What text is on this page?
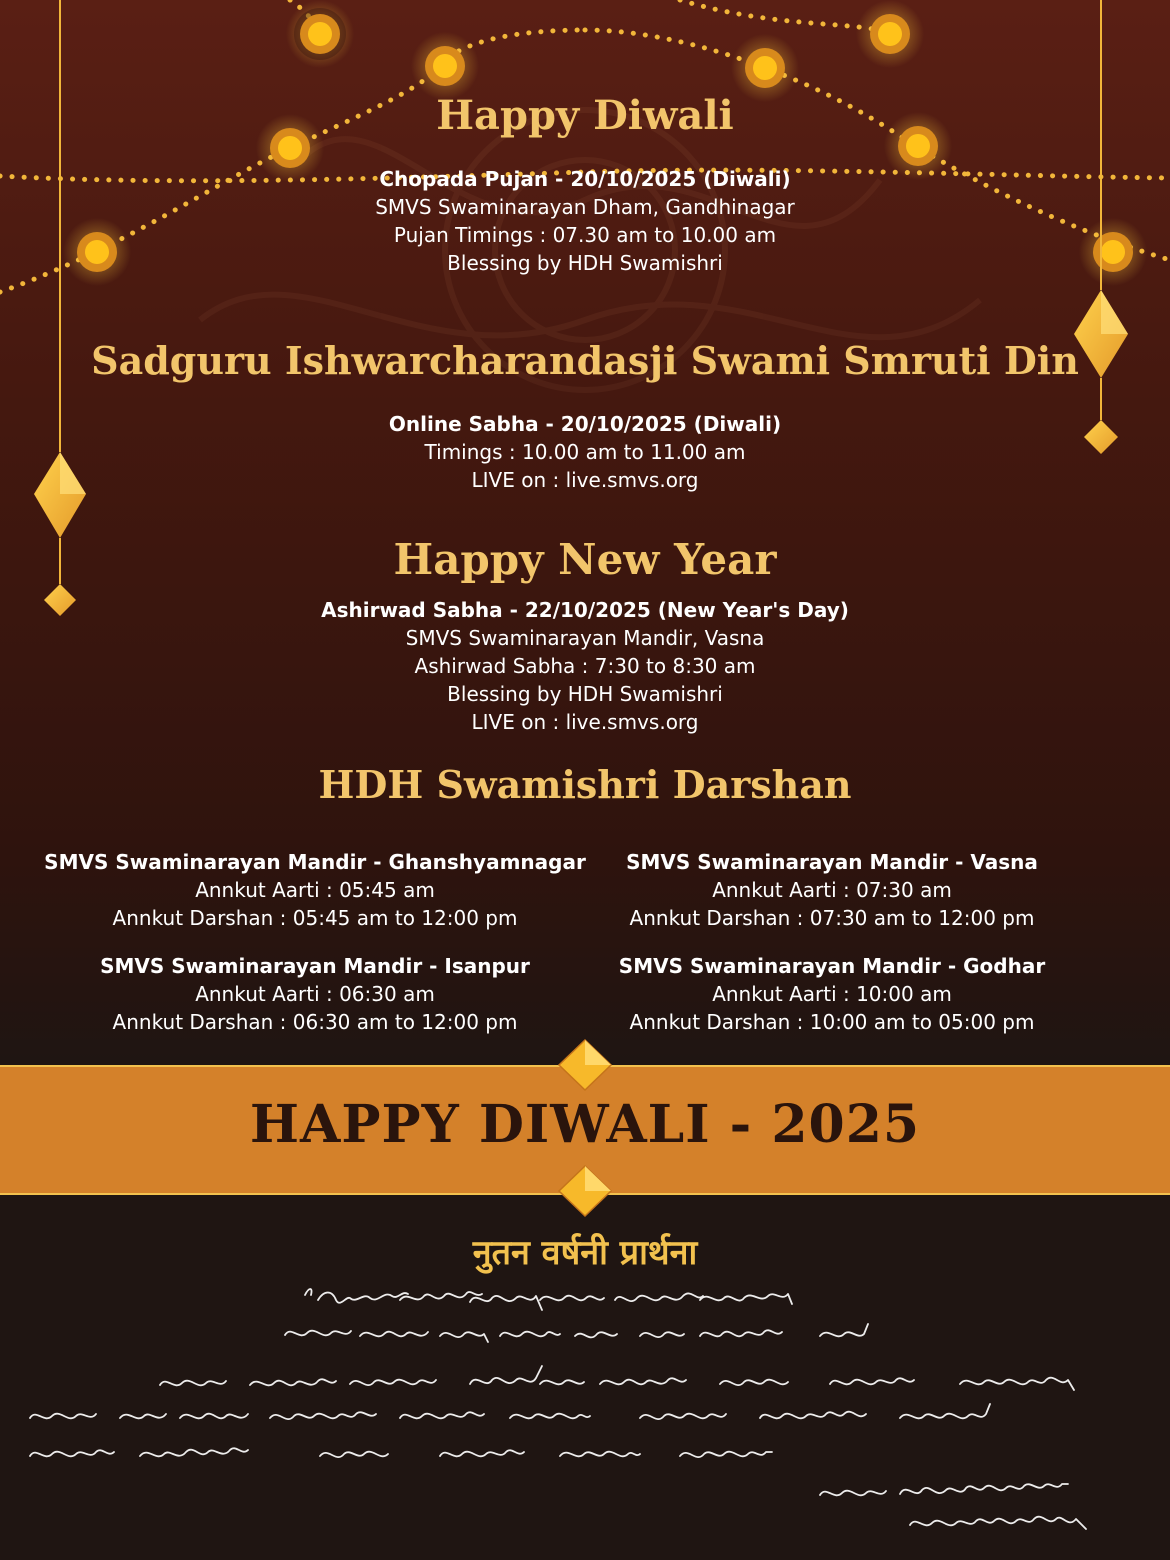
Happy Diwali
Chopada Pujan - 20/10/2025 (Diwali)
SMVS Swaminarayan Dham, Gandhinagar
Pujan Timings : 07.30 am to 10.00 am
Blessing by HDH Swamishri
Sadguru Ishwarcharandasji Swami Smruti Din
Online Sabha - 20/10/2025 (Diwali)
Timings : 10.00 am to 11.00 am
LIVE on : live.smvs.org
Happy New Year
Ashirwad Sabha - 22/10/2025 (New Year's Day)
SMVS Swaminarayan Mandir, Vasna
Ashirwad Sabha : 7:30 to 8:30 am
Blessing by HDH Swamishri
LIVE on : live.smvs.org
HDH Swamishri Darshan
SMVS Swaminarayan Mandir - Ghanshyamnagar
Annkut Aarti : 05:45 am
Annkut Darshan : 05:45 am to 12:00 pm
SMVS Swaminarayan Mandir - Vasna
Annkut Aarti : 07:30 am
Annkut Darshan : 07:30 am to 12:00 pm
SMVS Swaminarayan Mandir - Isanpur
Annkut Aarti : 06:30 am
Annkut Darshan : 06:30 am to 12:00 pm
SMVS Swaminarayan Mandir - Godhar
Annkut Aarti : 10:00 am
Annkut Darshan : 10:00 am to 05:00 pm
HAPPY DIWALI - 2025
नुतन वर्षनी प्रार्थना
